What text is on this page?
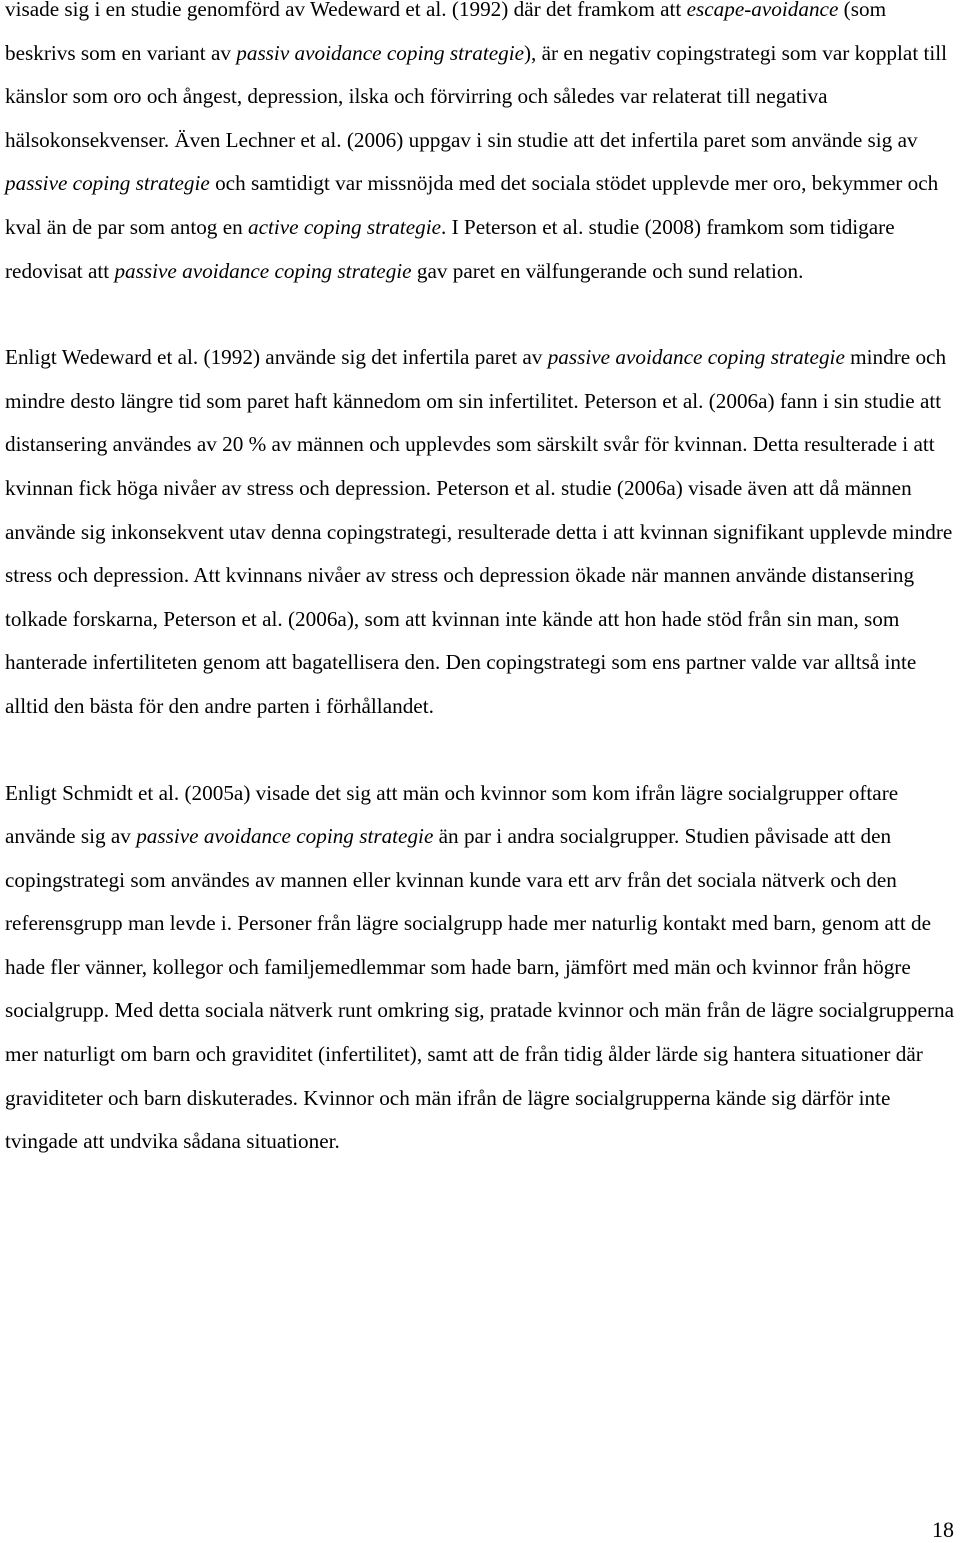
visade sig i en studie genomförd av Wedeward et al. (1992) där det framkom att escape-avoidance (som beskrivs som en variant av passiv avoidance coping strategie), är en negativ copingstrategi som var kopplat till känslor som oro och ångest, depression, ilska och förvirring och således var relaterat till negativa hälsokonsekvenser. Även Lechner et al. (2006) uppgav i sin studie att det infertila paret som använde sig av passive coping strategie och samtidigt var missnöjda med det sociala stödet upplevde mer oro, bekymmer och kval än de par som antog en active coping strategie. I Peterson et al. studie (2008) framkom som tidigare redovisat att passive avoidance coping strategie gav paret en välfungerande och sund relation.

Enligt Wedeward et al. (1992) använde sig det infertila paret av passive avoidance coping strategie mindre och mindre desto längre tid som paret haft kännedom om sin infertilitet. Peterson et al. (2006a) fann i sin studie att distansering användes av 20 % av männen och upplevdes som särskilt svår för kvinnan. Detta resulterade i att kvinnan fick höga nivåer av stress och depression. Peterson et al. studie (2006a) visade även att då männen använde sig inkonsekvent utav denna copingstrategi, resulterade detta i att kvinnan signifikant upplevde mindre stress och depression. Att kvinnans nivåer av stress och depression ökade när mannen använde distansering tolkade forskarna, Peterson et al. (2006a), som att kvinnan inte kände att hon hade stöd från sin man, som hanterade infertiliteten genom att bagatellisera den. Den copingstrategi som ens partner valde var alltså inte alltid den bästa för den andre parten i förhållandet.

Enligt Schmidt et al. (2005a) visade det sig att män och kvinnor som kom ifrån lägre socialgrupper oftare använde sig av passive avoidance coping strategie än par i andra socialgrupper. Studien påvisade att den copingstrategi som användes av mannen eller kvinnan kunde vara ett arv från det sociala nätverk och den referensgrupp man levde i. Personer från lägre socialgrupp hade mer naturlig kontakt med barn, genom att de hade fler vänner, kollegor och familjemedlemmar som hade barn, jämfört med män och kvinnor från högre socialgrupp. Med detta sociala nätverk runt omkring sig, pratade kvinnor och män från de lägre socialgrupperna mer naturligt om barn och graviditet (infertilitet), samt att de från tidig ålder lärde sig hantera situationer där graviditeter och barn diskuterades. Kvinnor och män ifrån de lägre socialgrupperna kände sig därför inte tvingade att undvika sådana situationer.

18
